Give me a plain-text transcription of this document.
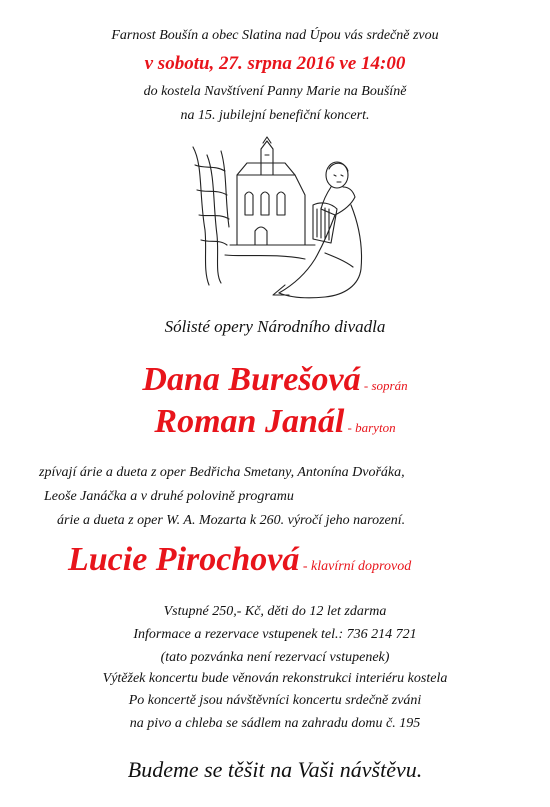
Farnost Boušín a obec Slatina nad Úpou vás srdečně zvou
v sobotu, 27. srpna 2016 ve 14:00
do kostela Navštívení Panny Marie na Boušíně
na 15. jubilejní benefiční koncert.
Sólisté opery Národního divadla
Dana Burešová - soprán
Roman Janál - baryton
zpívají árie a dueta z oper Bedřicha Smetany, Antonína Dvořáka,
Leoše Janáčka a v druhé polovině programu
árie a dueta z oper W. A. Mozarta k 260. výročí jeho narození.
Lucie Pirochová - klavírní doprovod
Vstupné 250,- Kč, děti do 12 let zdarma
Informace a rezervace vstupenek tel.: 736 214 721
(tato pozvánka není rezervací vstupenek)
Výtěžek koncertu bude věnován rekonstrukci interiéru kostela
Po koncertě jsou návštěvníci koncertu srdečně zváni
na pivo a chleba se sádlem na zahradu domu č. 195
Budeme se těšit na Vaši návštěvu.
